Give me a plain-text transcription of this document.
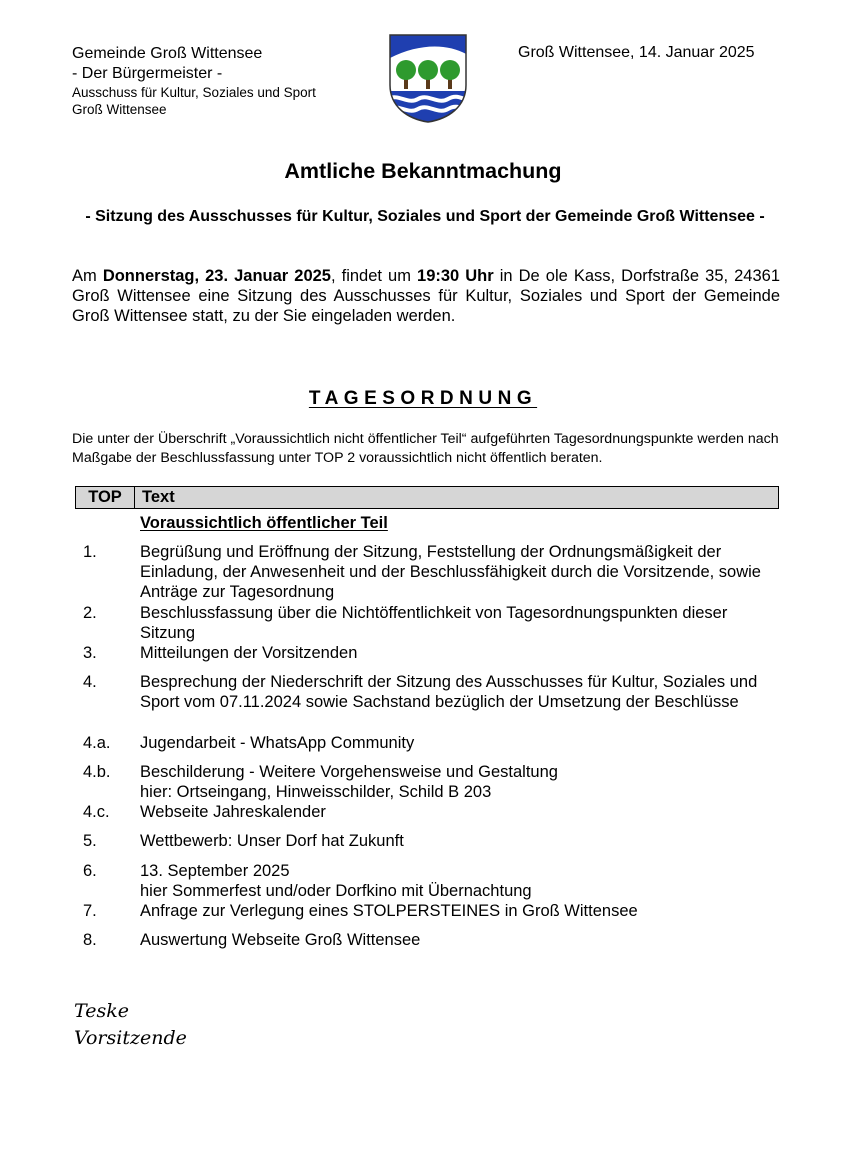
Gemeinde Groß Wittensee
- Der Bürgermeister -
Ausschuss für Kultur, Soziales und Sport
Groß Wittensee
Groß Wittensee, 14. Januar 2025
Amtliche Bekanntmachung
- Sitzung des Ausschusses für Kultur, Soziales und Sport der Gemeinde Groß Wittensee -
Am Donnerstag, 23. Januar 2025, findet um 19:30 Uhr in De ole Kass, Dorfstraße 35, 24361 Groß Wittensee eine Sitzung des Ausschusses für Kultur, Soziales und Sport der Gemeinde Groß Wittensee statt, zu der Sie eingeladen werden.
TAGESORDNUNG
Die unter der Überschrift „Voraussichtlich nicht öffentlicher Teil“ aufgeführten Tagesordnungspunkte werden nach Maßgabe der Beschlussfassung unter TOP 2 voraussichtlich nicht öffentlich beraten.
TOP	Text
Voraussichtlich öffentlicher Teil
1.	Begrüßung und Eröffnung der Sitzung, Feststellung der Ordnungsmäßigkeit der Einladung, der Anwesenheit und der Beschlussfähigkeit durch die Vorsitzende, sowie Anträge zur Tagesordnung
2.	Beschlussfassung über die Nichtöffentlichkeit von Tagesordnungspunkten dieser Sitzung
3.	Mitteilungen der Vorsitzenden
4.	Besprechung der Niederschrift der Sitzung des Ausschusses für Kultur, Soziales und Sport vom 07.11.2024 sowie Sachstand bezüglich der Umsetzung der Beschlüsse
4.a. Jugendarbeit - WhatsApp Community
4.b. Beschilderung - Weitere Vorgehensweise und Gestaltung
hier: Ortseingang, Hinweisschilder, Schild B 203
4.c. Webseite Jahreskalender
5.	Wettbewerb: Unser Dorf hat Zukunft
6.	13. September 2025
hier Sommerfest und/oder Dorfkino mit Übernachtung
7.	Anfrage zur Verlegung eines STOLPERSTEINES in Groß Wittensee
8.	Auswertung Webseite Groß Wittensee
Teske
Vorsitzende
